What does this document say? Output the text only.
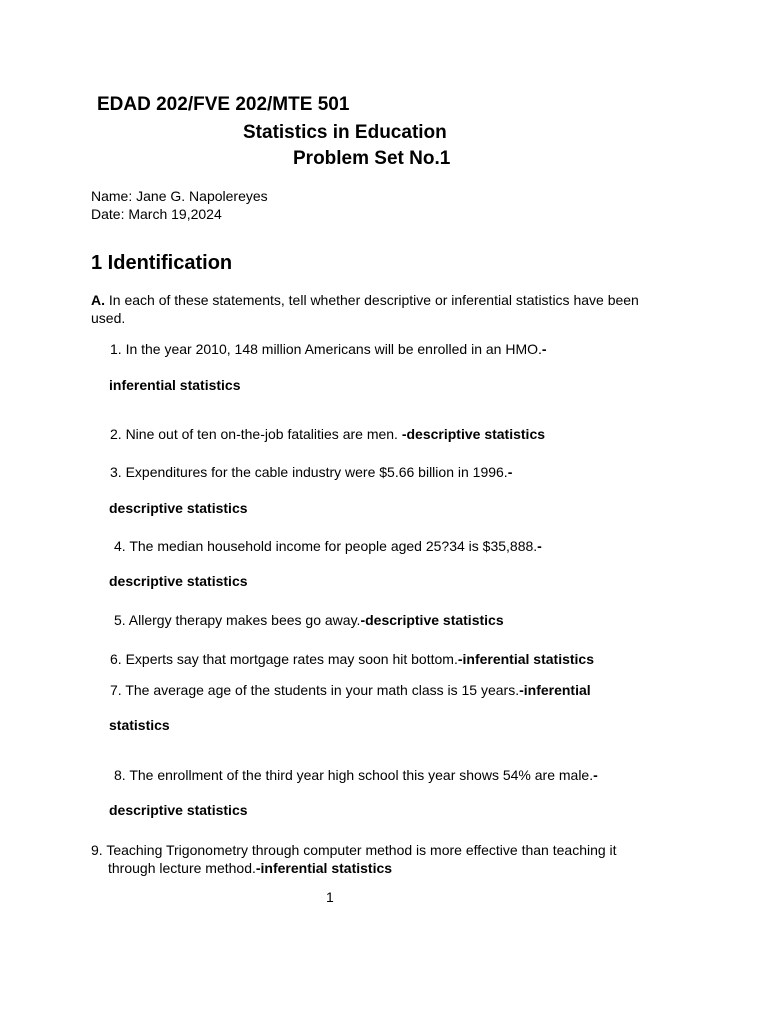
EDAD 202/FVE 202/MTE 501
Statistics in Education
Problem Set No.1
Name: Jane G. Napolereyes
Date: March 19,2024
1 Identification
A. In each of these statements, tell whether descriptive or inferential statistics have been used.
1. In the year 2010, 148 million Americans will be enrolled in an HMO.-
inferential statistics
2. Nine out of ten on-the-job fatalities are men. -descriptive statistics
3. Expenditures for the cable industry were $5.66 billion in 1996.-
descriptive statistics
4. The median household income for people aged 25?34 is $35,888.-
descriptive statistics
5. Allergy therapy makes bees go away.-descriptive statistics
6. Experts say that mortgage rates may soon hit bottom.-inferential statistics
7. The average age of the students in your math class is 15 years.-inferential
statistics
8. The enrollment of the third year high school this year shows 54% are male.-
descriptive statistics
9. Teaching Trigonometry through computer method is more effective than teaching it
through lecture method.-inferential statistics
1
